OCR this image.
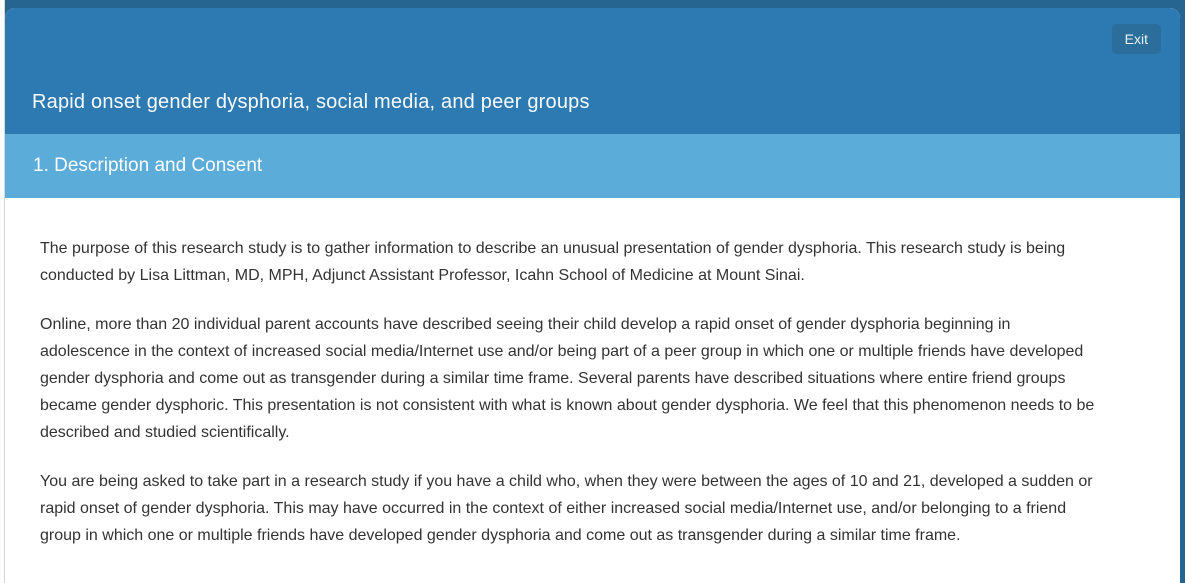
Rapid onset gender dysphoria, social media, and peer groups
Exit
1. Description and Consent

The purpose of this research study is to gather information to describe an unusual presentation of gender dysphoria. This research study is being conducted by Lisa Littman, MD, MPH, Adjunct Assistant Professor, Icahn School of Medicine at Mount Sinai.

Online, more than 20 individual parent accounts have described seeing their child develop a rapid onset of gender dysphoria beginning in adolescence in the context of increased social media/Internet use and/or being part of a peer group in which one or multiple friends have developed gender dysphoria and come out as transgender during a similar time frame. Several parents have described situations where entire friend groups became gender dysphoric. This presentation is not consistent with what is known about gender dysphoria. We feel that this phenomenon needs to be described and studied scientifically.

You are being asked to take part in a research study if you have a child who, when they were between the ages of 10 and 21, developed a sudden or rapid onset of gender dysphoria. This may have occurred in the context of either increased social media/Internet use, and/or belonging to a friend group in which one or multiple friends have developed gender dysphoria and come out as transgender during a similar time frame.
